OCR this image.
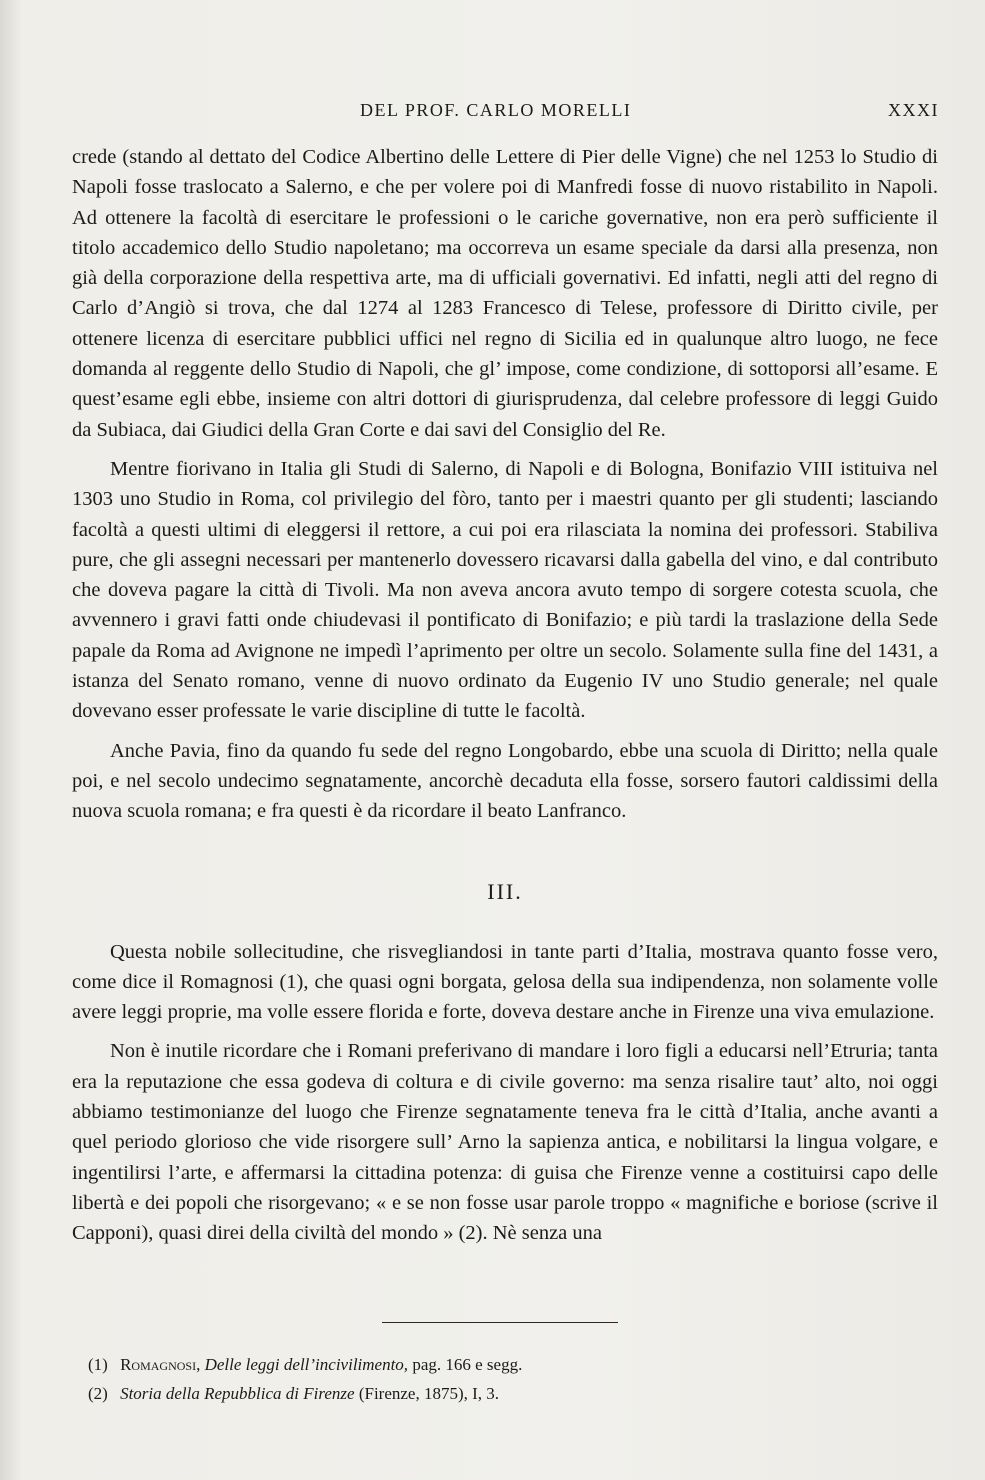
DEL PROF. CARLO MORELLI	XXXI

crede (stando al dettato del Codice Albertino delle Lettere di Pier delle Vigne) che nel 1253 lo Studio di Napoli fosse traslocato a Salerno, e che per volere poi di Manfredi fosse di nuovo ristabilito in Napoli. Ad ottenere la facoltà di esercitare le professioni o le cariche governative, non era però sufficiente il titolo accademico dello Studio napoletano; ma occorreva un esame speciale da darsi alla presenza, non già della corporazione della respettiva arte, ma di ufficiali governativi. Ed infatti, negli atti del regno di Carlo d’Angiò si trova, che dal 1274 al 1283 Francesco di Telese, professore di Diritto civile, per ottenere licenza di esercitare pubblici uffici nel regno di Sicilia ed in qualunque altro luogo, ne fece domanda al reggente dello Studio di Napoli, che gl’ impose, come condizione, di sottoporsi all’esame. E quest’esame egli ebbe, insieme con altri dottori di giurisprudenza, dal celebre professore di leggi Guido da Subiaca, dai Giudici della Gran Corte e dai savi del Consiglio del Re.

Mentre fiorivano in Italia gli Studi di Salerno, di Napoli e di Bologna, Bonifazio VIII istituiva nel 1303 uno Studio in Roma, col privilegio del fòro, tanto per i maestri quanto per gli studenti; lasciando facoltà a questi ultimi di eleggersi il rettore, a cui poi era rilasciata la nomina dei professori. Stabiliva pure, che gli assegni necessari per mantenerlo dovessero ricavarsi dalla gabella del vino, e dal contributo che doveva pagare la città di Tivoli. Ma non aveva ancora avuto tempo di sorgere cotesta scuola, che avvennero i gravi fatti onde chiudevasi il pontificato di Bonifazio; e più tardi la traslazione della Sede papale da Roma ad Avignone ne impedì l’aprimento per oltre un secolo. Solamente sulla fine del 1431, a istanza del Senato romano, venne di nuovo ordinato da Eugenio IV uno Studio generale; nel quale dovevano esser professate le varie discipline di tutte le facoltà.

Anche Pavia, fino da quando fu sede del regno Longobardo, ebbe una scuola di Diritto; nella quale poi, e nel secolo undecimo segnatamente, ancorchè decaduta ella fosse, sorsero fautori caldissimi della nuova scuola romana; e fra questi è da ricordare il beato Lanfranco.

III.

Questa nobile sollecitudine, che risvegliandosi in tante parti d’Italia, mostrava quanto fosse vero, come dice il Romagnosi (1), che quasi ogni borgata, gelosa della sua indipendenza, non solamente volle avere leggi proprie, ma volle essere florida e forte, doveva destare anche in Firenze una viva emulazione.

Non è inutile ricordare che i Romani preferivano di mandare i loro figli a educarsi nell’Etruria; tanta era la reputazione che essa godeva di coltura e di civile governo: ma senza risalire taut’ alto, noi oggi abbiamo testimonianze del luogo che Firenze segnatamente teneva fra le città d’Italia, anche avanti a quel periodo glorioso che vide risorgere sull’ Arno la sapienza antica, e nobilitarsi la lingua volgare, e ingentilirsi l’arte, e affermarsi la cittadina potenza: di guisa che Firenze venne a costituirsi capo delle libertà e dei popoli che risorgevano; « e se non fosse usar parole troppo « magnifiche e boriose (scrive il Capponi), quasi direi della civiltà del mondo » (2). Nè senza una

(1) Romagnosi, Delle leggi dell’incivilimento, pag. 166 e segg.
(2) Storia della Repubblica di Firenze (Firenze, 1875), I, 3.
